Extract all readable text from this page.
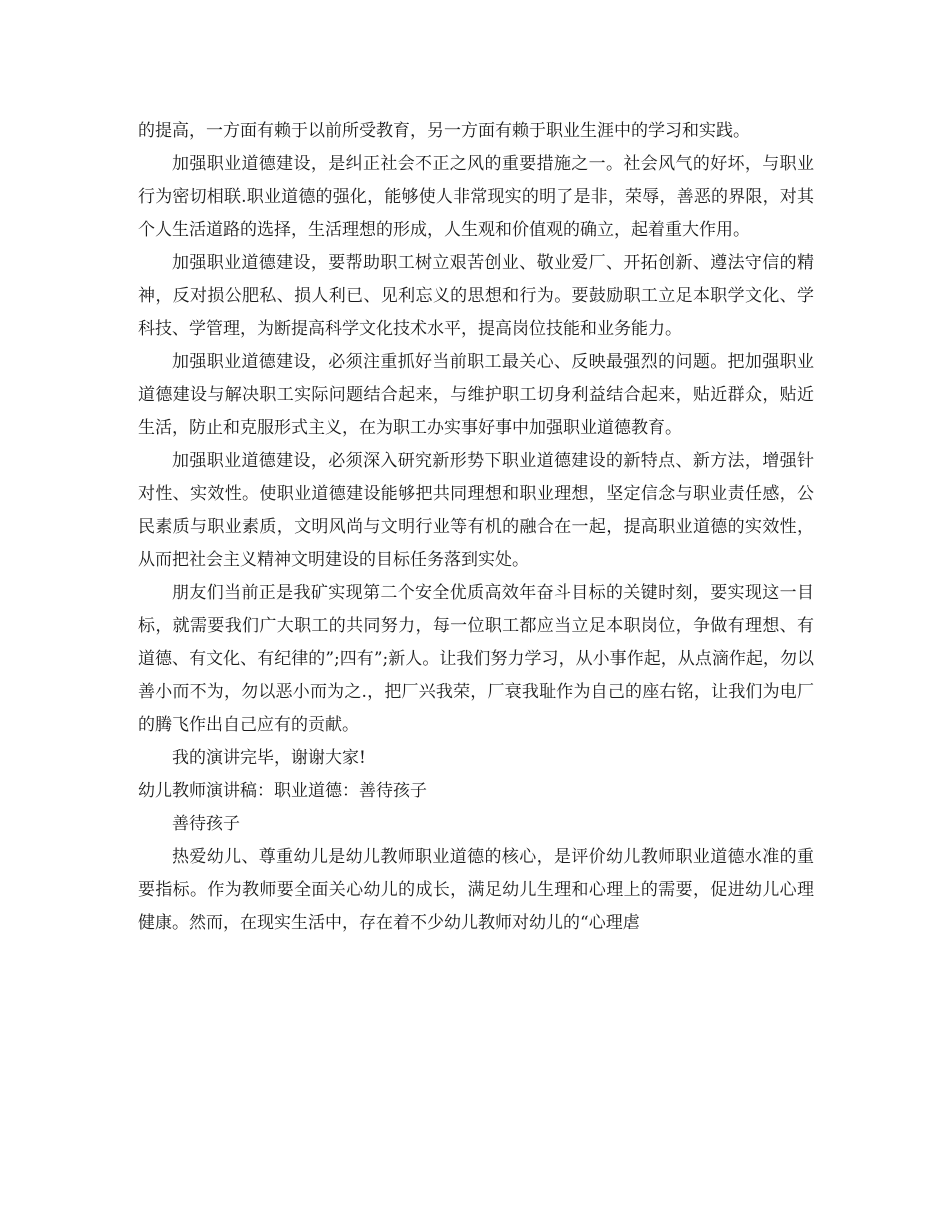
的提高，一方面有赖于以前所受教育，另一方面有赖于职业生涯中的学习和实践。

加强职业道德建设，是纠正社会不正之风的重要措施之一。社会风气的好坏，与职业行为密切相联.职业道德的强化，能够使人非常现实的明了是非，荣辱，善恶的界限，对其个人生活道路的选择，生活理想的形成，人生观和价值观的确立，起着重大作用。

加强职业道德建设，要帮助职工树立艰苦创业、敬业爱厂、开拓创新、遵法守信的精神，反对损公肥私、损人利已、见利忘义的思想和行为。要鼓励职工立足本职学文化、学科技、学管理，为断提高科学文化技术水平，提高岗位技能和业务能力。

加强职业道德建设，必须注重抓好当前职工最关心、反映最强烈的问题。把加强职业道德建设与解决职工实际问题结合起来，与维护职工切身利益结合起来，贴近群众，贴近生活，防止和克服形式主义，在为职工办实事好事中加强职业道德教育。

加强职业道德建设，必须深入研究新形势下职业道德建设的新特点、新方法，增强针对性、实效性。使职业道德建设能够把共同理想和职业理想，坚定信念与职业责任感，公民素质与职业素质，文明风尚与文明行业等有机的融合在一起，提高职业道德的实效性，从而把社会主义精神文明建设的目标任务落到实处。

朋友们当前正是我矿实现第二个安全优质高效年奋斗目标的关键时刻，要实现这一目标，就需要我们广大职工的共同努力，每一位职工都应当立足本职岗位，争做有理想、有道德、有文化、有纪律的”;四有”;新人。让我们努力学习，从小事作起，从点滴作起，勿以善小而不为，勿以恶小而为之.，把厂兴我荣，厂衰我耻作为自己的座右铭，让我们为电厂的腾飞作出自己应有的贡献。

我的演讲完毕，谢谢大家!

幼儿教师演讲稿：职业道德：善待孩子

善待孩子

热爱幼儿、尊重幼儿是幼儿教师职业道德的核心，是评价幼儿教师职业道德水准的重要指标。作为教师要全面关心幼儿的成长，满足幼儿生理和心理上的需要，促进幼儿心理健康。然而，在现实生活中，存在着不少幼儿教师对幼儿的“心理虐
